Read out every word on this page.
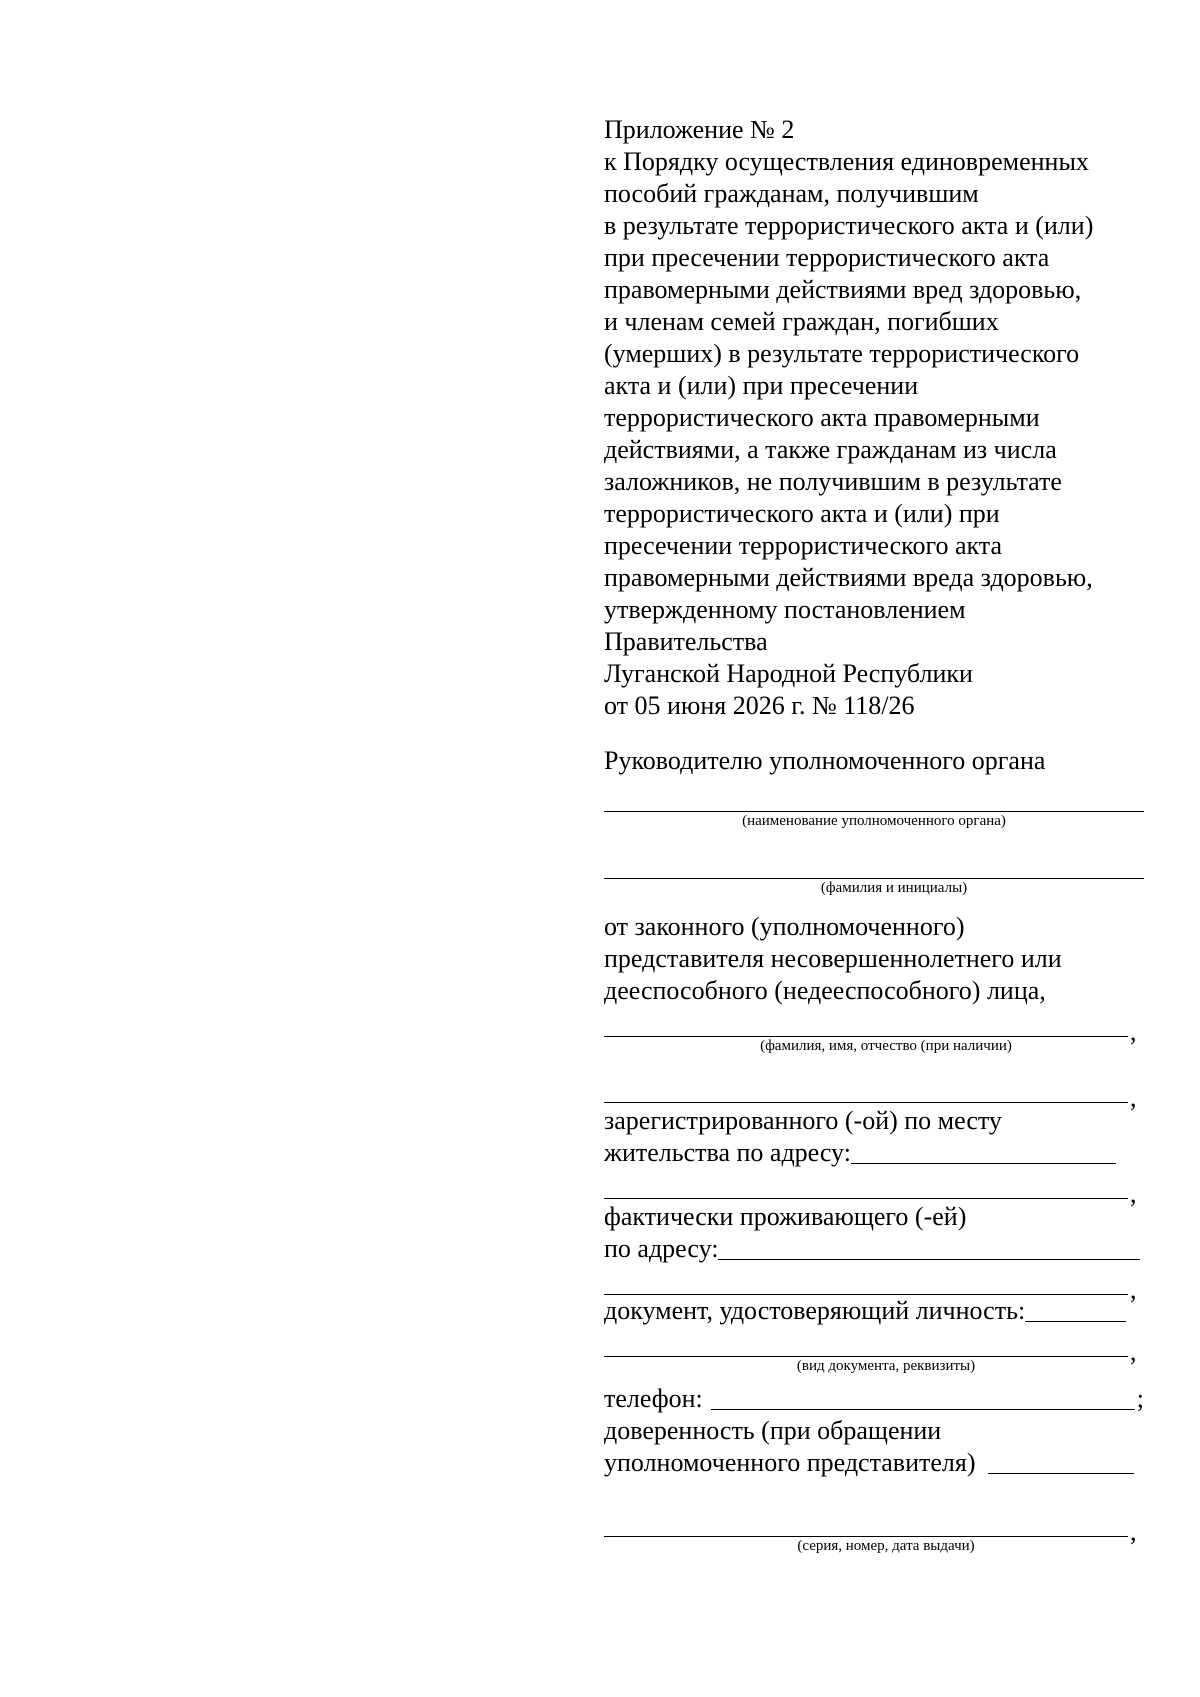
Приложение № 2
к Порядку осуществления единовременных
пособий гражданам, получившим
в результате террористического акта и (или)
при пресечении террористического акта
правомерными действиями вред здоровью,
и членам семей граждан, погибших
(умерших) в результате террористического
акта и (или) при пресечении
террористического акта правомерными
действиями, а также гражданам из числа
заложников, не получившим в результате
террористического акта и (или) при
пресечении террористического акта
правомерными действиями вреда здоровью,
утвержденному постановлением
Правительства
Луганской Народной Республики
от 05 июня 2026 г. № 118/26
Руководителю уполномоченного органа
(наименование уполномоченного органа)
(фамилия и инициалы)
от законного (уполномоченного)
представителя несовершеннолетнего или
дееспособного (недееспособного) лица,
,
(фамилия, имя, отчество (при наличии)
,
зарегистрированного (-ой) по месту
жительства по адресу:
,
фактически проживающего (-ей)
по адресу:
,
документ, удостоверяющий личность:
,
(вид документа, реквизиты)
телефон:	;
доверенность (при обращении
уполномоченного представителя)
,
(серия, номер, дата выдачи)
